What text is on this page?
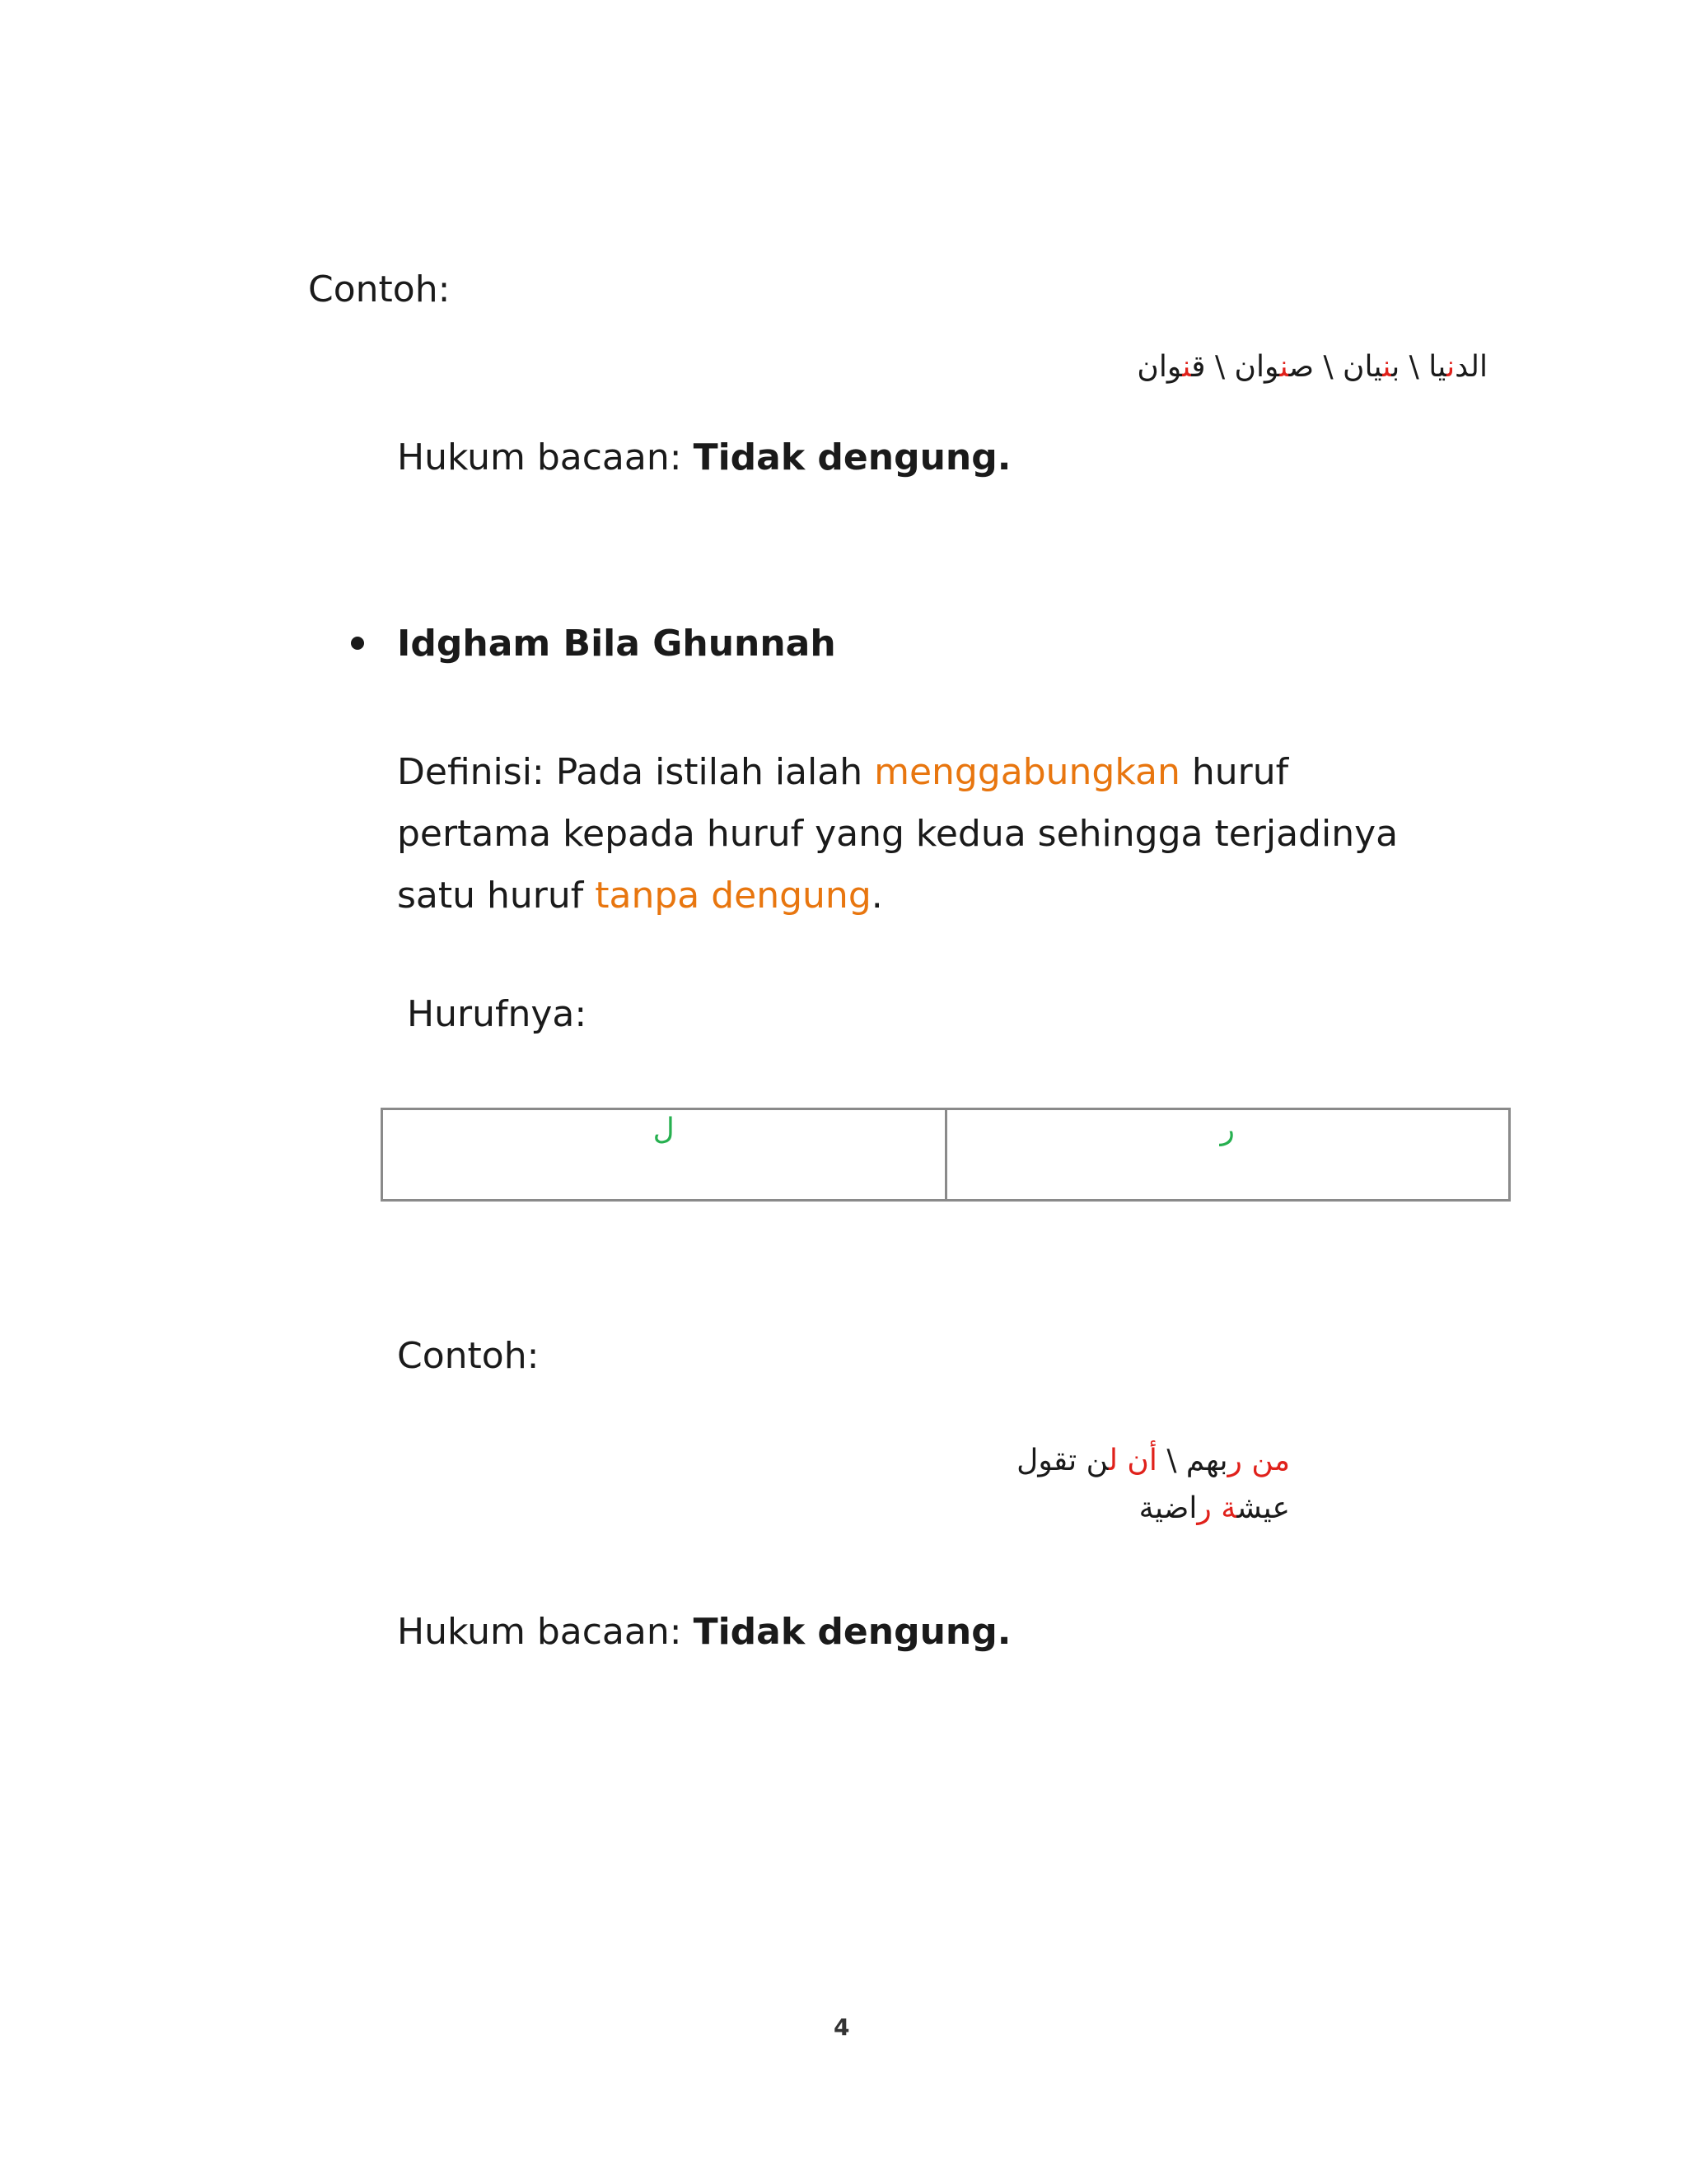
Contoh:
الدنيا \ بنيان \ صنوان \ قنوان
Hukum bacaan: Tidak dengung.
Idgham Bila Ghunnah
Definisi: Pada istilah ialah menggabungkan huruf pertama kepada huruf yang kedua sehingga terjadinya satu huruf tanpa dengung.
Hurufnya:
ل	ر
Contoh:
من ربهم \ أن لن تقول
عيشة راضية
Hukum bacaan: Tidak dengung.
4
